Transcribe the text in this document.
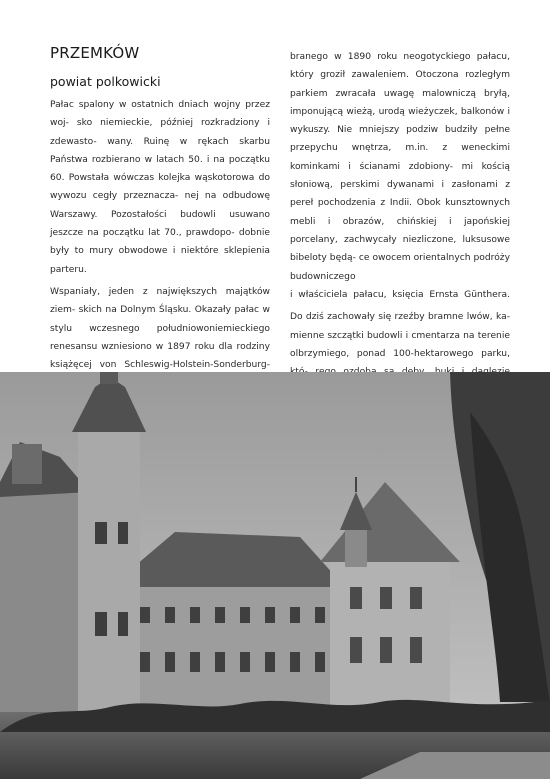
PRZEMKÓW
powiat polkowicki

Pałac spalony w ostatnich dniach wojny przez woj- sko niemieckie, później rozkradziony i zdewasto- wany. Ruinę w rękach skarbu Państwa rozbierano w latach 50. i na początku 60. Powstała wówczas kolejka wąskotorowa do wywozu cegły przeznacza- nej na odbudowę Warszawy. Pozostałości budowli usuwano jeszcze na początku lat 70., prawdopo- dobnie były to mury obwodowe i niektóre sklepienia
parteru.

Wspaniały, jeden z największych majątków ziem- skich na Dolnym Śląsku. Okazały pałac w stylu wczesnego południowoniemieckiego renesansu wzniesiono w 1897 roku dla rodziny książęcej von Schleswig-Holstein-Sonderburg-

branego w 1890 roku neogotyckiego pałacu, który groził zawaleniem. Otoczona rozległym parkiem zwracała uwagę malowniczą bryłą, imponującą wieżą, urodą wieżyczek, balkonów i wykuszy. Nie mniejszy podziw budziły pełne przepychu wnętrza, m.in. z weneckimi kominkami i ścianami zdobiony- mi kością słoniową, perskimi dywanami i zasłonami z pereł pochodzenia z Indii. Obok kunsztownych mebli i obrazów, chińskiej i japońskiej porcelany, zachwycały niezliczone, luksusowe bibeloty będą- ce owocem orientalnych podróży budowniczego
i właściciela pałacu, księcia Ernsta Günthera.

Do dziś zachowały się rzeźby bramne lwów, ka- mienne szczątki budowli i cmentarza na terenie olbrzymiego, ponad 100-hektarowego parku,
